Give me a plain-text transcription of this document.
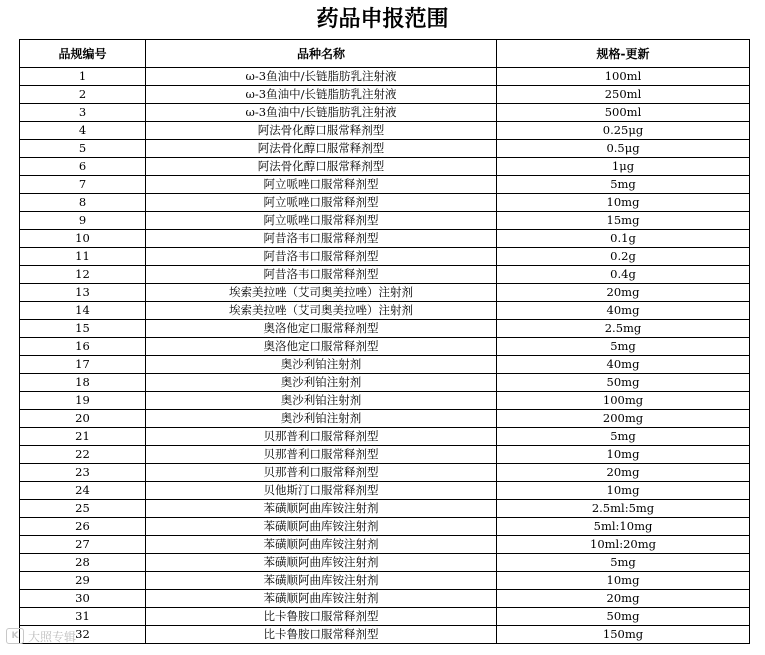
药品申报范围
品规编号	品种名称	规格-更新
1	ω-3鱼油中/长链脂肪乳注射液	100ml
2	ω-3鱼油中/长链脂肪乳注射液	250ml
3	ω-3鱼油中/长链脂肪乳注射液	500ml
4	阿法骨化醇口服常释剂型	0.25μg
5	阿法骨化醇口服常释剂型	0.5μg
6	阿法骨化醇口服常释剂型	1μg
7	阿立哌唑口服常释剂型	5mg
8	阿立哌唑口服常释剂型	10mg
9	阿立哌唑口服常释剂型	15mg
10	阿昔洛韦口服常释剂型	0.1g
11	阿昔洛韦口服常释剂型	0.2g
12	阿昔洛韦口服常释剂型	0.4g
13	埃索美拉唑（艾司奥美拉唑）注射剂	20mg
14	埃索美拉唑（艾司奥美拉唑）注射剂	40mg
15	奥洛他定口服常释剂型	2.5mg
16	奥洛他定口服常释剂型	5mg
17	奥沙利铂注射剂	40mg
18	奥沙利铂注射剂	50mg
19	奥沙利铂注射剂	100mg
20	奥沙利铂注射剂	200mg
21	贝那普利口服常释剂型	5mg
22	贝那普利口服常释剂型	10mg
23	贝那普利口服常释剂型	20mg
24	贝他斯汀口服常释剂型	10mg
25	苯磺顺阿曲库铵注射剂	2.5ml:5mg
26	苯磺顺阿曲库铵注射剂	5ml:10mg
27	苯磺顺阿曲库铵注射剂	10ml:20mg
28	苯磺顺阿曲库铵注射剂	5mg
29	苯磺顺阿曲库铵注射剂	10mg
30	苯磺顺阿曲库铵注射剂	20mg
31	比卡鲁胺口服常释剂型	50mg
32	比卡鲁胺口服常释剂型	150mg
K 大照专辑
